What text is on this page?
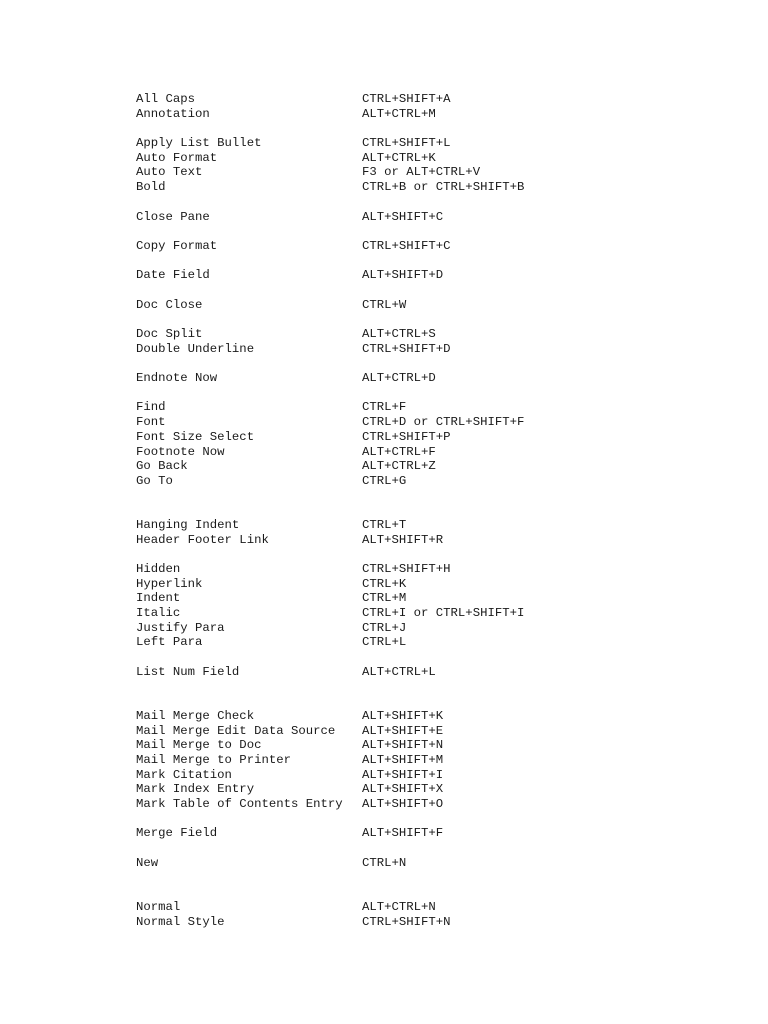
All Caps	CTRL+SHIFT+A
Annotation	ALT+CTRL+M
Apply List Bullet	CTRL+SHIFT+L
Auto Format	ALT+CTRL+K
Auto Text	F3 or ALT+CTRL+V
Bold	CTRL+B or CTRL+SHIFT+B
Close Pane	ALT+SHIFT+C
Copy Format	CTRL+SHIFT+C
Date Field	ALT+SHIFT+D
Doc Close	CTRL+W
Doc Split	ALT+CTRL+S
Double Underline	CTRL+SHIFT+D
Endnote Now	ALT+CTRL+D
Find	CTRL+F
Font	CTRL+D or CTRL+SHIFT+F
Font Size Select	CTRL+SHIFT+P
Footnote Now	ALT+CTRL+F
Go Back	ALT+CTRL+Z
Go To	CTRL+G
Hanging Indent	CTRL+T
Header Footer Link	ALT+SHIFT+R
Hidden	CTRL+SHIFT+H
Hyperlink	CTRL+K
Indent	CTRL+M
Italic	CTRL+I or CTRL+SHIFT+I
Justify Para	CTRL+J
Left Para	CTRL+L
List Num Field	ALT+CTRL+L
Mail Merge Check	ALT+SHIFT+K
Mail Merge Edit Data Source ALT+SHIFT+E
Mail Merge to Doc	ALT+SHIFT+N
Mail Merge to Printer	ALT+SHIFT+M
Mark Citation	ALT+SHIFT+I
Mark Index Entry	ALT+SHIFT+X
Mark Table of Contents Entry ALT+SHIFT+O
Merge Field	ALT+SHIFT+F
New	CTRL+N
Normal	ALT+CTRL+N
Normal Style	CTRL+SHIFT+N
